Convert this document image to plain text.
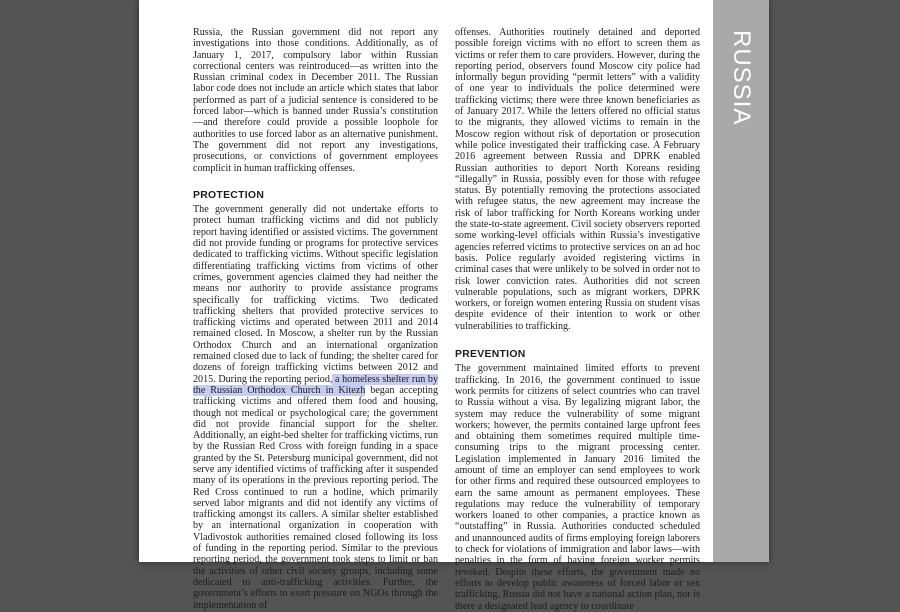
Russia, the Russian government did not report any investigations into those conditions. Additionally, as of January 1, 2017, compulsory labor within Russian correctional centers was reintroduced—as written into the Russian criminal codex in December 2011. The Russian labor code does not include an article which states that labor performed as part of a judicial sentence is considered to be forced labor—which is banned under Russia’s constitution—and therefore could provide a possible loophole for authorities to use forced labor as an alternative punishment. The government did not report any investigations, prosecutions, or convictions of government employees complicit in human trafficking offenses.

PROTECTION

The government generally did not undertake efforts to protect human trafficking victims and did not publicly report having identified or assisted victims. The government did not provide funding or programs for protective services dedicated to trafficking victims. Without specific legislation differentiating trafficking victims from victims of other crimes, government agencies claimed they had neither the means nor authority to provide assistance programs specifically for trafficking victims. Two dedicated trafficking shelters that provided protective services to trafficking victims and operated between 2011 and 2014 remained closed. In Moscow, a shelter run by the Russian Orthodox Church and an international organization remained closed due to lack of funding; the shelter cared for dozens of foreign trafficking victims between 2012 and 2015. During the reporting period, a homeless shelter run by the Russian Orthodox Church in Kitezh began accepting trafficking victims and offered them food and housing, though not medical or psychological care; the government did not provide financial support for the shelter. Additionally, an eight-bed shelter for trafficking victims, run by the Russian Red Cross with foreign funding in a space granted by the St. Petersburg municipal government, did not serve any identified victims of trafficking after it suspended many of its operations in the previous reporting period. The Red Cross continued to run a hotline, which primarily served labor migrants and did not identify any victims of trafficking amongst its callers. A similar shelter established by an international organization in cooperation with Vladivostok authorities remained closed following its loss of funding in the reporting period. Similar to the previous reporting period, the government took steps to limit or ban the activities of other civil society groups, including some dedicated to anti-trafficking activities. Further, the government’s efforts to exert pressure on NGOs through the implementation of

offenses. Authorities routinely detained and deported possible foreign victims with no effort to screen them as victims or refer them to care providers. However, during the reporting period, observers found Moscow city police had informally begun providing “permit letters” with a validity of one year to individuals the police determined were trafficking victims; there were three known beneficiaries as of January 2017. While the letters offered no official status to the migrants, they allowed victims to remain in the Moscow region without risk of deportation or prosecution while police investigated their trafficking case. A February 2016 agreement between Russia and DPRK enabled Russian authorities to deport North Koreans residing “illegally” in Russia, possibly even for those with refugee status. By potentially removing the protections associated with refugee status, the new agreement may increase the risk of labor trafficking for North Koreans working under the state-to-state agreement. Civil society observers reported some working-level officials within Russia’s investigative agencies referred victims to protective services on an ad hoc basis. Police regularly avoided registering victims in criminal cases that were unlikely to be solved in order not to risk lower conviction rates. Authorities did not screen vulnerable populations, such as migrant workers, DPRK workers, or foreign women entering Russia on student visas despite evidence of their intention to work or other vulnerabilities to trafficking.

PREVENTION

The government maintained limited efforts to prevent trafficking. In 2016, the government continued to issue work permits for citizens of select countries who can travel to Russia without a visa. By legalizing migrant labor, the system may reduce the vulnerability of some migrant workers; however, the permits contained large upfront fees and obtaining them sometimes required multiple time-consuming trips to the migrant processing center. Legislation implemented in January 2016 limited the amount of time an employer can send employees to work for other firms and required these outsourced employees to earn the same amount as permanent employees. These regulations may reduce the vulnerability of temporary workers loaned to other companies, a practice known as “outstaffing” in Russia. Authorities conducted scheduled and unannounced audits of firms employing foreign laborers to check for violations of immigration and labor laws—with penalties in the form of having foreign worker permits revoked. Despite these efforts, the government made no efforts to develop public awareness of forced labor or sex trafficking. Russia did not have a national action plan, nor is there a designated lead agency to coordinate

RUSSIA
